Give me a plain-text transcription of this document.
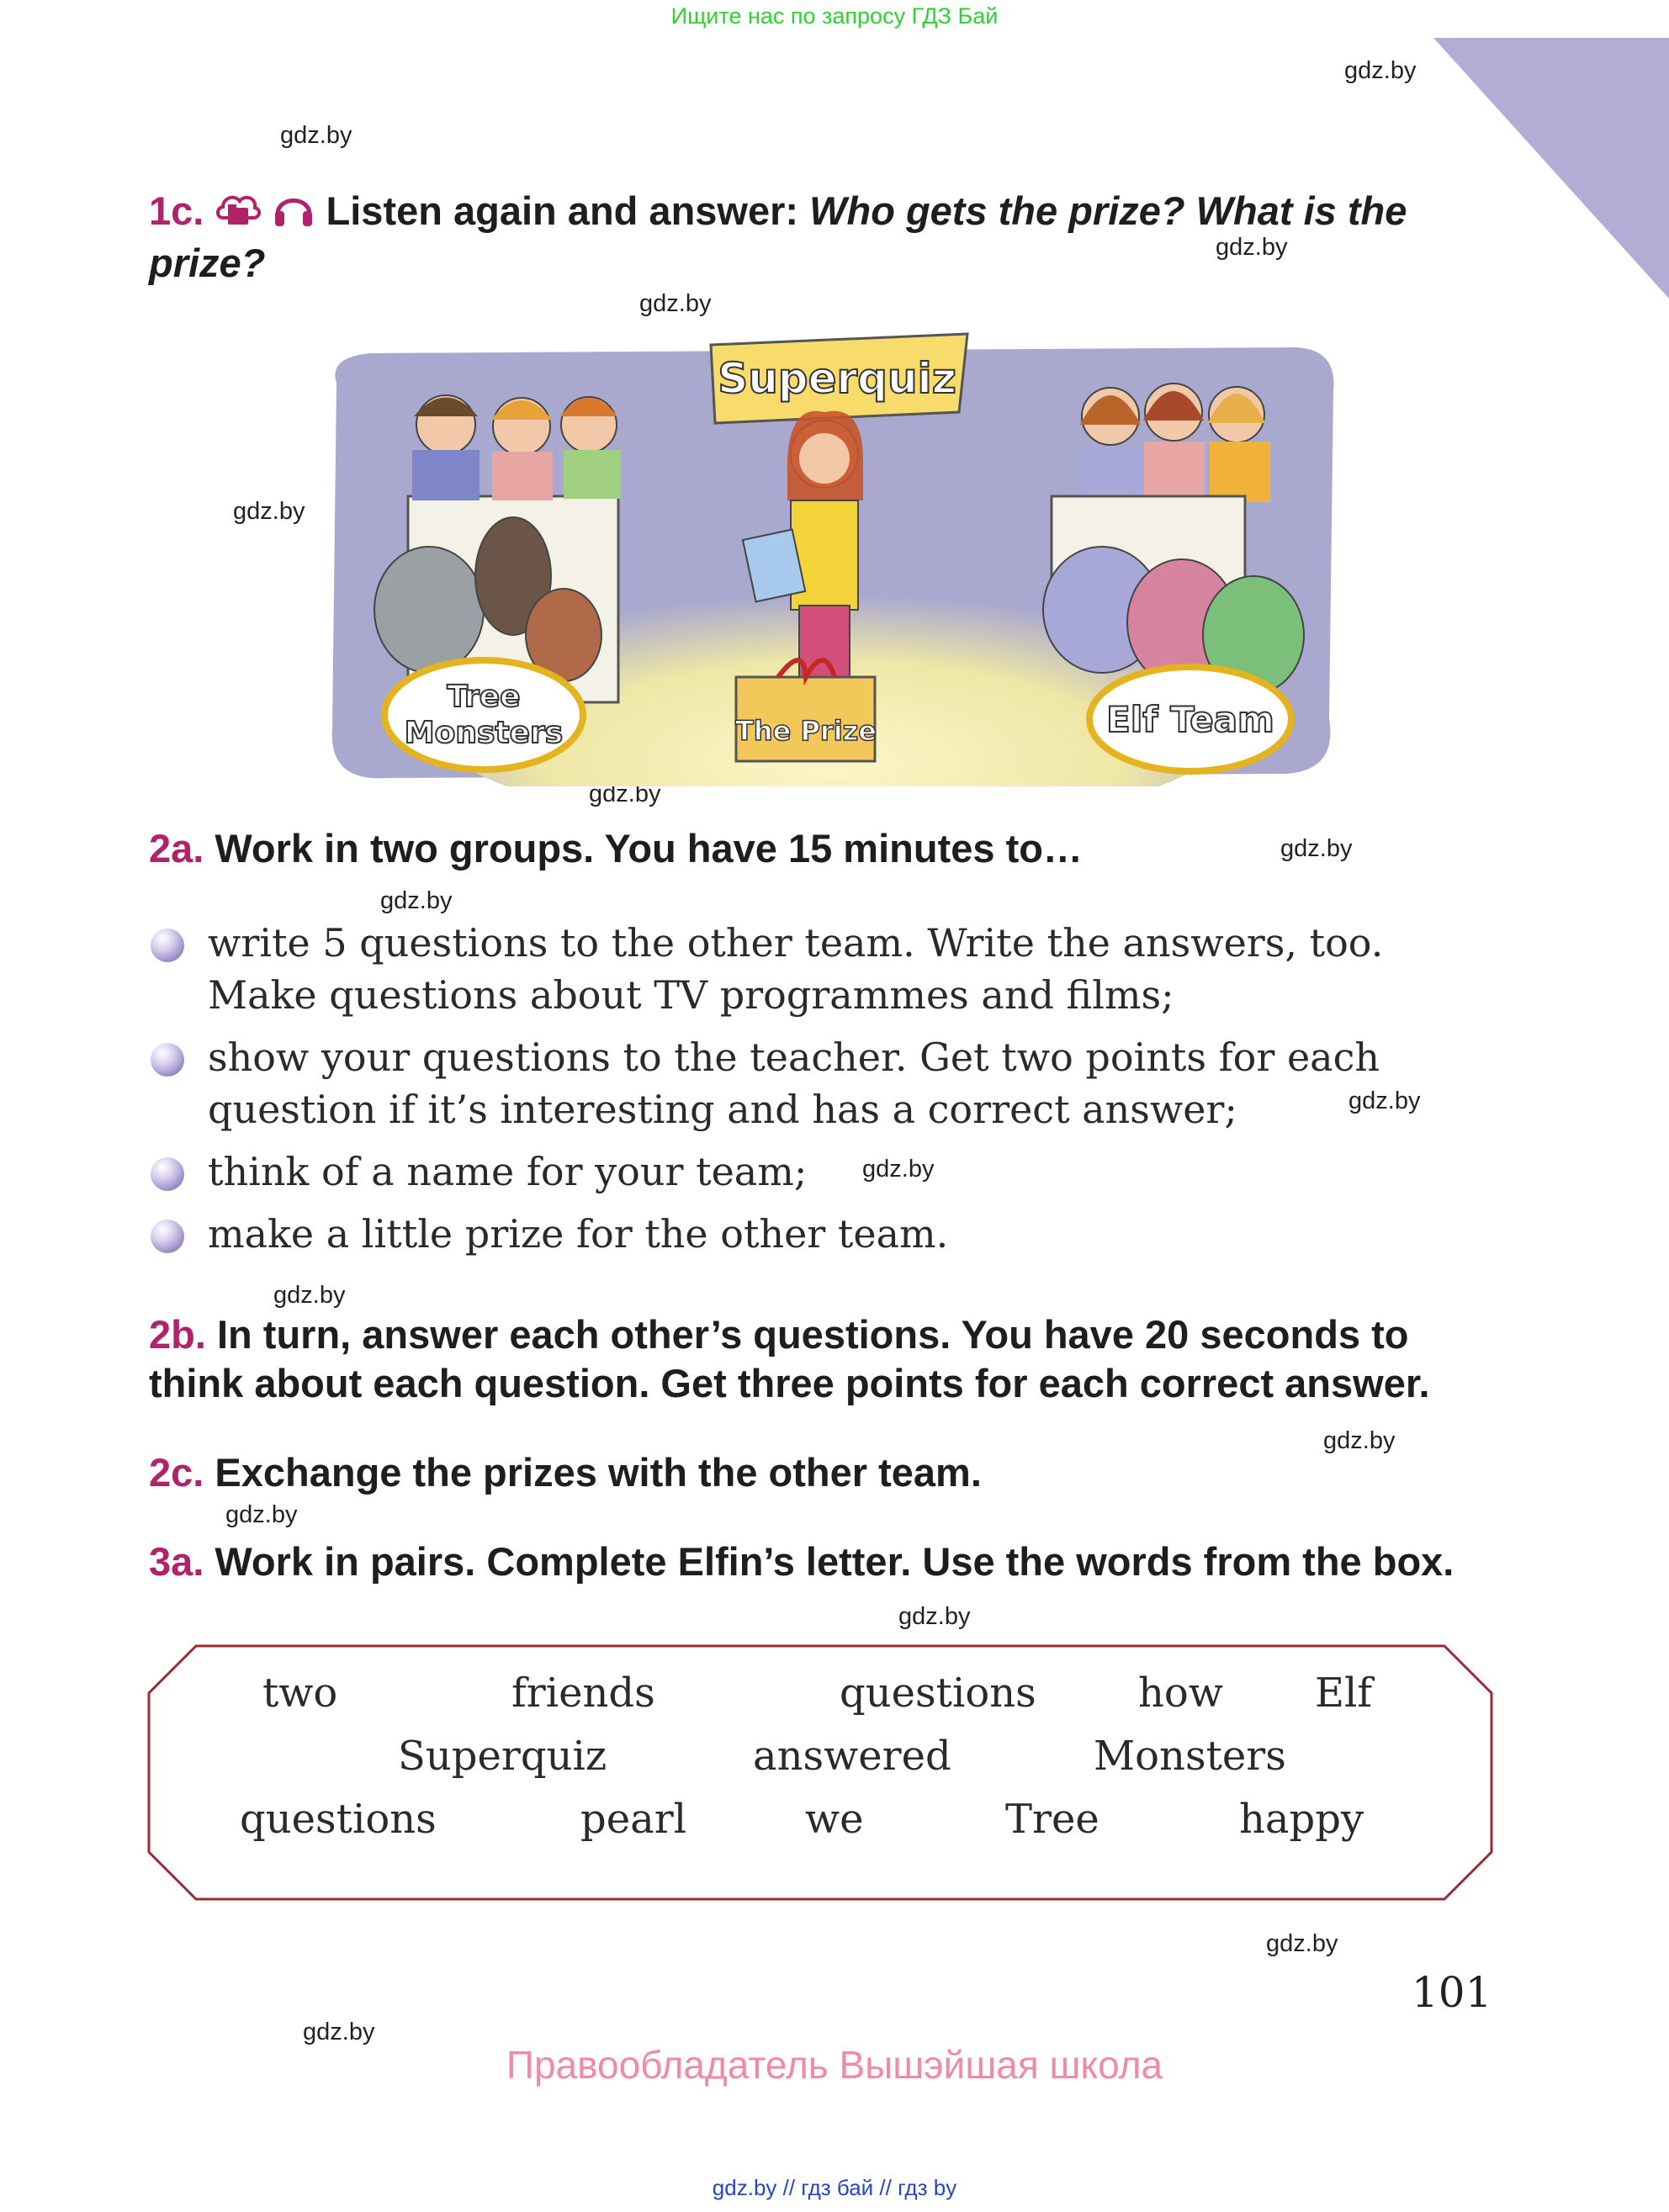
Ищите нас по запросу ГДЗ Бай
gdz.by
gdz.by
gdz.by
gdz.by
gdz.by
gdz.by
gdz.by
gdz.by
gdz.by
gdz.by
gdz.by
gdz.by
gdz.by
gdz.by
gdz.by
gdz.by
1c.	Listen again and answer: Who gets the prize? What is the
prize?
Tree
Monsters
Superquiz
The Prize	Elf Team
2a. Work in two groups. You have 15 minutes to…
write 5 questions to the other team. Write the answers, too.
Make questions about TV programmes and films;
show your questions to the teacher. Get two points for each
question if it’s interesting and has a correct answer;
think of a name for your team;
make a little prize for the other team.
2b. In turn, answer each other’s questions. You have 20 seconds to
think about each question. Get three points for each correct answer.
2c. Exchange the prizes with the other team.
3a. Work in pairs. Complete Elfin’s letter. Use the words from the box.
two	friends	questions	how Elf
Superquiz	answered	Monsters
questions	pearl	we	Tree	happy
101
Правообладатель Вышэйшая школа
gdz.by // гдз бай // гдз by
